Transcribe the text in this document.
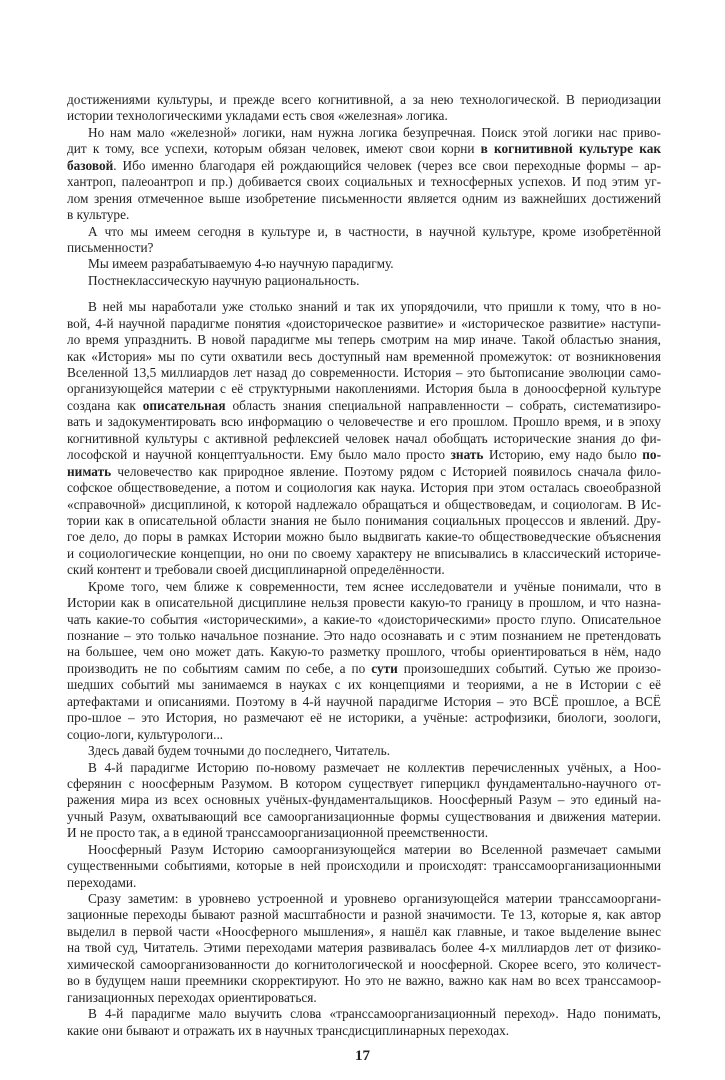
достижениями культуры, и прежде всего когнитивной, а за нею технологической. В периодизации
истории технологическими укладами есть своя «железная» логика.
Но нам мало «железной» логики, нам нужна логика безупречная. Поиск этой логики нас приво-
дит к тому, все успехи, которым обязан человек, имеют свои корни в когнитивной культуре как
базовой. Ибо именно благодаря ей рождающийся человек (через все свои переходные формы – ар-
хантроп, палеоантроп и пр.) добивается своих социальных и техносферных успехов. И под этим уг-
лом зрения отмеченное выше изобретение письменности является одним из важнейших достижений
в культуре.
А что мы имеем сегодня в культуре и, в частности, в научной культуре, кроме изобретённой
письменности?
Мы имеем разрабатываемую 4-ю научную парадигму.
Постнеклассическую научную рациональность.
В ней мы наработали уже столько знаний и так их упорядочили, что пришли к тому, что в но-
вой, 4-й научной парадигме понятия «доисторическое развитие» и «историческое развитие» наступи-
ло время упразднить. В новой парадигме мы теперь смотрим на мир иначе. Такой областью знания,
как «История» мы по сути охватили весь доступный нам временной промежуток: от возникновения
Вселенной 13,5 миллиардов лет назад до современности. История – это бытописание эволюции само-
организующейся материи с её структурными накоплениями. История была в доноосферной культуре
создана как описательная область знания специальной направленности – собрать, систематизиро-
вать и задокументировать всю информацию о человечестве и его прошлом. Прошло время, и в эпоху
когнитивной культуры с активной рефлексией человек начал обобщать исторические знания до фи-
лософской и научной концептуальности. Ему было мало просто знать Историю, ему надо было по-
нимать человечество как природное явление. Поэтому рядом с Историей появилось сначала фило-
софское обществоведение, а потом и социология как наука. История при этом осталась своеобразной
«справочной» дисциплиной, к которой надлежало обращаться и обществоведам, и социологам. В Ис-
тории как в описательной области знания не было понимания социальных процессов и явлений. Дру-
гое дело, до поры в рамках Истории можно было выдвигать какие-то обществоведческие объяснения
и социологические концепции, но они по своему характеру не вписывались в классический историче-
ский контент и требовали своей дисциплинарной определённости.
Кроме того, чем ближе к современности, тем яснее исследователи и учёные понимали, что в
Истории как в описательной дисциплине нельзя провести какую-то границу в прошлом, и что назна-
чать какие-то события «историческими», а какие-то «доисторическими» просто глупо. Описательное
познание – это только начальное познание. Это надо осознавать и с этим познанием не претендовать
на большее, чем оно может дать. Какую-то разметку прошлого, чтобы ориентироваться в нём, надо
производить не по событиям самим по себе, а по сути произошедших событий. Сутью же произо-
шедших событий мы занимаемся в науках с их концепциями и теориями, а не в Истории с её
артефактами и описаниями. Поэтому в 4-й научной парадигме История – это ВСЁ прошлое, а ВСЁ
про-шлое – это История, но размечают её не историки, а учёные: астрофизики, биологи, зоологи,
социо-логи, культурологи...
Здесь давай будем точными до последнего, Читатель.
В 4-й парадигме Историю по-новому размечает не коллектив перечисленных учёных, а Ноо-
сферянин с ноосферным Разумом. В котором существует гиперцикл фундаментально-научного от-
ражения мира из всех основных учёных-фундаментальщиков. Ноосферный Разум – это единый на-
учный Разум, охватывающий все самоорганизационные формы существования и движения материи.
И не просто так, а в единой транссамоорганизационной преемственности.
Ноосферный Разум Историю самоорганизующейся материи во Вселенной размечает самыми
существенными событиями, которые в ней происходили и происходят: транссамоорганизационными
переходами.
Сразу заметим: в уровнево устроенной и уровнево организующейся материи транссамооргани-
зационные переходы бывают разной масштабности и разной значимости. Те 13, которые я, как автор
выделил в первой части «Ноосферного мышления», я нашёл как главные, и такое выделение вынес
на твой суд, Читатель. Этими переходами материя развивалась более 4-х миллиардов лет от физико-
химической самоорганизованности до когнитологической и ноосферной. Скорее всего, это количест-
во в будущем наши преемники скорректируют. Но это не важно, важно как нам во всех транссамоор-
ганизационных переходах ориентироваться.
В 4-й парадигме мало выучить слова «транссамоорганизационный переход». Надо понимать,
какие они бывают и отражать их в научных трансдисциплинарных переходах.
17
